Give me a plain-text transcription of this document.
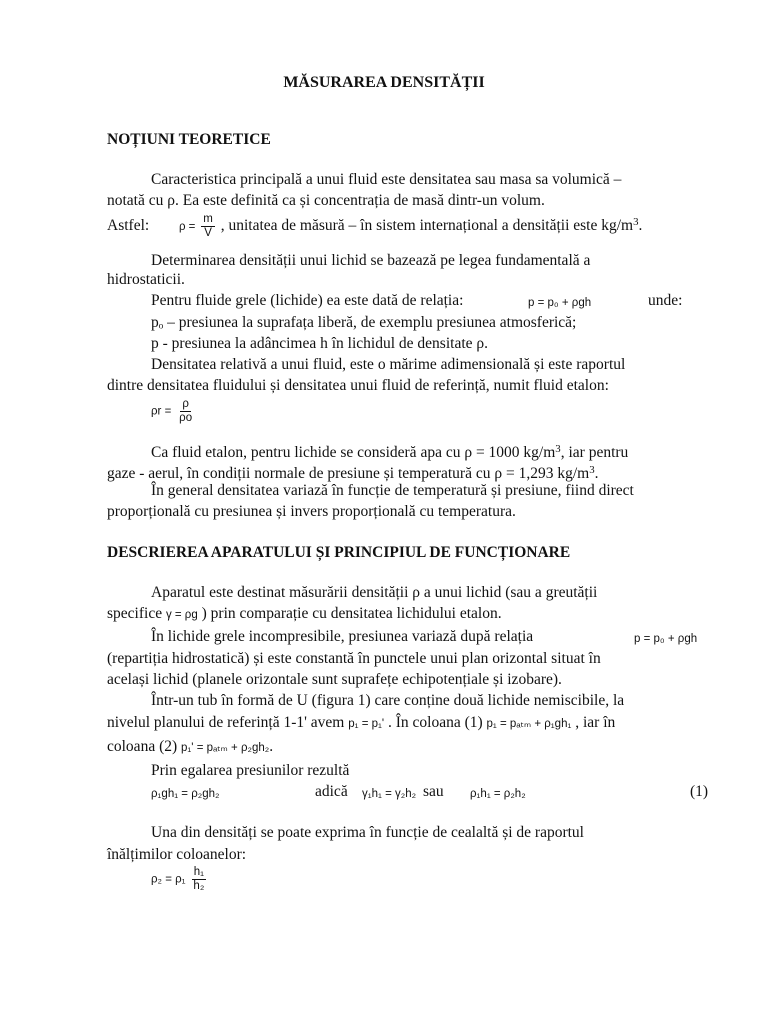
MĂSURAREA DENSITĂȚII
NOȚIUNI TEORETICE
Caracteristica principală a unui fluid este densitatea sau masa sa volumică –
notată cu ρ. Ea este definită ca și concentrația de masă dintr-un volum.
Astfel:	$\rho = \frac{m}{V}$ , unitatea de măsură – în sistem internațional a densității este $kg/m^3$.
Determinarea densității unui lichid se bazează pe legea fundamentală a
hidrostaticii.
Pentru fluide grele (lichide) ea este dată de relația:	p = p₀ + ρgh	unde:
pₒ – presiunea la suprafața liberă, de exemplu presiunea atmosferică;
p - presiunea la adâncimea h în lichidul de densitate ρ.
Densitatea relativă a unui fluid, este o mărime adimensională și este raportul
dintre densitatea fluidului și densitatea unui fluid de referință, numit fluid etalon:
$\rho r = \frac{\rho}{\rho o}$
Ca fluid etalon, pentru lichide se consideră apa cu ρ = 1000 $kg/m^3$, iar pentru
gaze - aerul, în condiții normale de presiune și temperatură cu ρ = 1,293 $kg/m^3$.
În general densitatea variază în funcție de temperatură și presiune, fiind direct
proporțională cu presiunea și invers proporțională cu temperatura.
DESCRIEREA APARATULUI ȘI PRINCIPIUL DE FUNCȚIONARE
Aparatul este destinat măsurării densității ρ a unui lichid (sau a greutății
specifice γ = ρg ) prin comparație cu densitatea lichidului etalon.
În lichide grele incompresibile, presiunea variază după relația	p = p₀ + ρgh
(repartiția hidrostatică) și este constantă în punctele unui plan orizontal situat în
același lichid (planele orizontale sunt suprafețe echipotențiale și izobare).
Într-un tub în formă de U (figura 1) care conține două lichide nemiscibile, la
nivelul planului de referință 1-1' avem p₁ = p₁' . În coloana (1) p₁ = pₐₜₘ + ρ₁gh₁ , iar în
coloana (2) p₁' = pₐₜₘ + ρ₂gh₂.
Prin egalarea presiunilor rezultă
ρ₁gh₁ = ρ₂gh₂	adică γ₁h₁ = γ₂h₂ sau ρ₁h₁ = ρ₂h₂	(1)
Una din densități se poate exprima în funcție de cealaltă și de raportul
înălțimilor coloanelor:
$\rho_2 = \rho_1 \frac{\text{h₁}}{\text{h₂}}$
